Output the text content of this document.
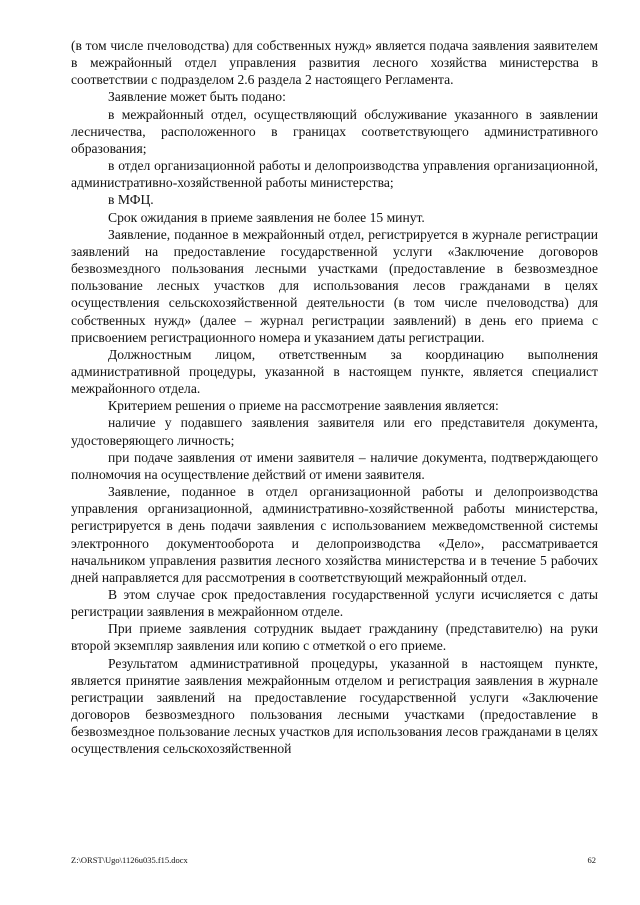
(в том числе пчеловодства) для собственных нужд» является подача заявления заявителем в межрайонный отдел управления развития лесного хозяйства министерства в соответствии с подразделом 2.6 раздела 2 настоящего Регламента.

Заявление может быть подано:

в межрайонный отдел, осуществляющий обслуживание указанного в заявлении лесничества, расположенного в границах соответствующего административного образования;

в отдел организационной работы и делопроизводства управления организационной, административно-хозяйственной работы министерства;

в МФЦ.

Срок ожидания в приеме заявления не более 15 минут.

Заявление, поданное в межрайонный отдел, регистрируется в журнале регистрации заявлений на предоставление государственной услуги «Заключение договоров безвозмездного пользования лесными участками (предоставление в безвозмездное пользование лесных участков для использования лесов гражданами в целях осуществления сельскохозяйственной деятельности (в том числе пчеловодства) для собственных нужд» (далее – журнал регистрации заявлений) в день его приема с присвоением регистрационного номера и указанием даты регистрации.

Должностным лицом, ответственным за координацию выполнения административной процедуры, указанной в настоящем пункте, является специалист межрайонного отдела.

Критерием решения о приеме на рассмотрение заявления является:

наличие у подавшего заявления заявителя или его представителя документа, удостоверяющего личность;

при подаче заявления от имени заявителя – наличие документа, подтверждающего полномочия на осуществление действий от имени заявителя.

Заявление, поданное в отдел организационной работы и делопроизводства управления организационной, административно-хозяйственной работы министерства, регистрируется в день подачи заявления с использованием межведомственной системы электронного документооборота и делопроизводства «Дело», рассматривается начальником управления развития лесного хозяйства министерства и в течение 5 рабочих дней направляется для рассмотрения в соответствующий межрайонный отдел.

В этом случае срок предоставления государственной услуги исчисляется с даты регистрации заявления в межрайонном отделе.

При приеме заявления сотрудник выдает гражданину (представителю) на руки второй экземпляр заявления или копию с отметкой о его приеме.

Результатом административной процедуры, указанной в настоящем пункте, является принятие заявления межрайонным отделом и регистрация заявления в журнале регистрации заявлений на предоставление государственной услуги «Заключение договоров безвозмездного пользования лесными участками (предоставление в безвозмездное пользование лесных участков для использования лесов гражданами в целях осуществления сельскохозяйственной

Z:\ORST\Ugo\1126u035.f15.docx	62
